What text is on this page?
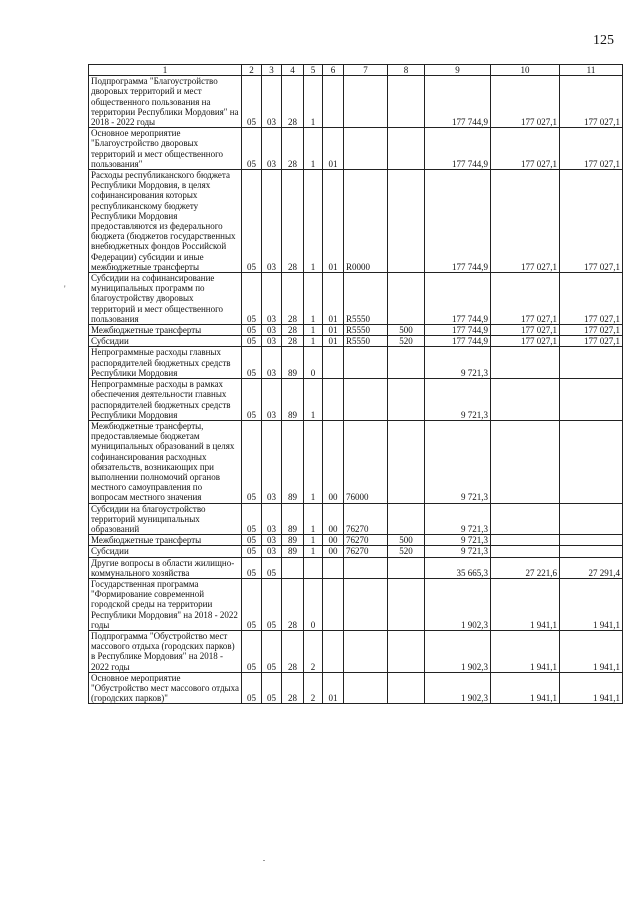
125
'
1	2	3	4	5	6	7	8	9	10	11
Подпрограмма "Благоустройство дворовых территорий и мест общественного пользования на территории Республики Мордовия" на 2018 - 2022 годы	05	03	28	1				177 744,9	177 027,1	177 027,1
Основное мероприятие "Благоустройство дворовых территорий и мест общественного пользования"	05	03	28	1	01			177 744,9	177 027,1	177 027,1
Расходы республиканского бюджета Республики Мордовия, в целях софинансирования которых республиканскому бюджету Республики Мордовия предоставляются из федерального бюджета (бюджетов государственных внебюджетных фондов Российской Федерации) субсидии и иные межбюджетные трансферты	05	03	28	1	01	R0000		177 744,9	177 027,1	177 027,1
Субсидии на софинансирование муниципальных программ по благоустройству дворовых территорий и мест общественного пользования	05	03	28	1	01	R5550		177 744,9	177 027,1	177 027,1
Межбюджетные трансферты	05	03	28	1	01	R5550	500	177 744,9	177 027,1	177 027,1
Субсидии	05	03	28	1	01	R5550	520	177 744,9	177 027,1	177 027,1
Непрограммные расходы главных распорядителей бюджетных средств Республики Мордовия	05	03	89	0				9 721,3		
Непрограммные расходы в рамках обеспечения деятельности главных распорядителей бюджетных средств Республики Мордовия	05	03	89	1				9 721,3		
Межбюджетные трансферты, предоставляемые бюджетам муниципальных образований в целях софинансирования расходных обязательств, возникающих при выполнении полномочий органов местного самоуправления по вопросам местного значения	05	03	89	1	00	76000		9 721,3		
Субсидии на благоустройство территорий муниципальных образований	05	03	89	1	00	76270		9 721,3		
Межбюджетные трансферты	05	03	89	1	00	76270	500	9 721,3		
Субсидии	05	03	89	1	00	76270	520	9 721,3		
Другие вопросы в области жилищно-коммунального хозяйства	05	05						35 665,3	27 221,6	27 291,4
Государственная программа "Формирование современной городской среды на территории Республики Мордовия" на 2018 - 2022 годы	05	05	28	0				1 902,3	1 941,1	1 941,1
Подпрограмма "Обустройство мест массового отдыха (городских парков) в Республике Мордовия" на 2018 - 2022 годы	05	05	28	2				1 902,3	1 941,1	1 941,1
Основное мероприятие "Обустройство мест массового отдыха (городских парков)"	05	05	28	2	01			1 902,3	1 941,1	1 941,1
